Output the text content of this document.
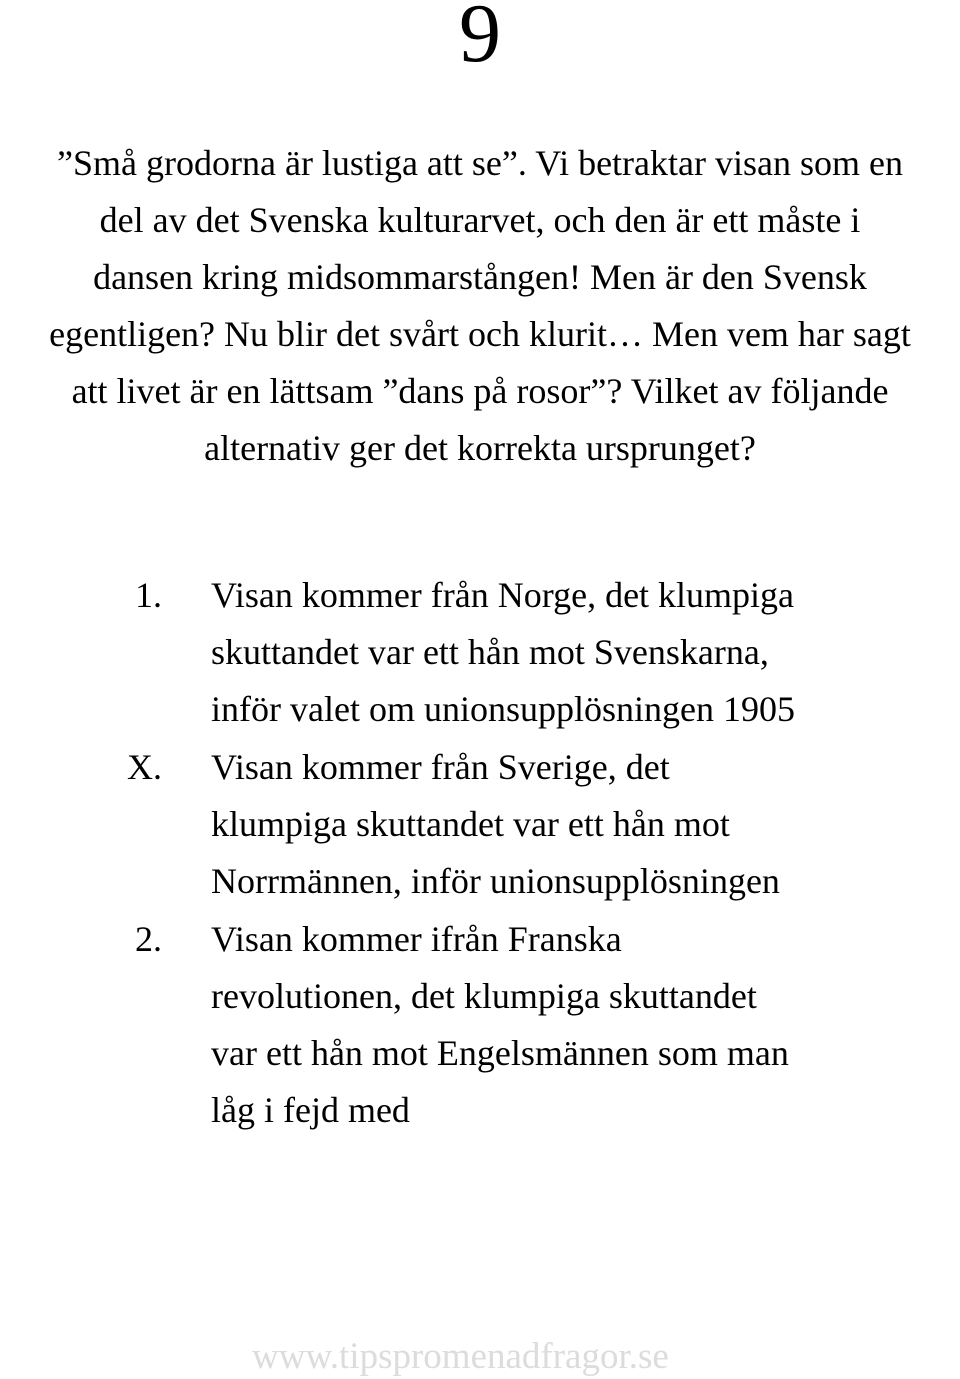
9
”Små grodorna är lustiga att se”. Vi betraktar visan som en
del av det Svenska kulturarvet, och den är ett måste i
dansen kring midsommarstången! Men är den Svensk
egentligen? Nu blir det svårt och klurit… Men vem har sagt
att livet är en lättsam ”dans på rosor”? Vilket av följande
alternativ ger det korrekta ursprunget?
1. Visan kommer från Norge, det klumpiga
skuttandet var ett hån mot Svenskarna,
inför valet om unionsupplösningen 1905
X. Visan kommer från Sverige, det
klumpiga skuttandet var ett hån mot
Norrmännen, inför unionsupplösningen
2. Visan kommer ifrån Franska
revolutionen, det klumpiga skuttandet
var ett hån mot Engelsmännen som man
låg i fejd med
www.tipspromenadfragor.se
